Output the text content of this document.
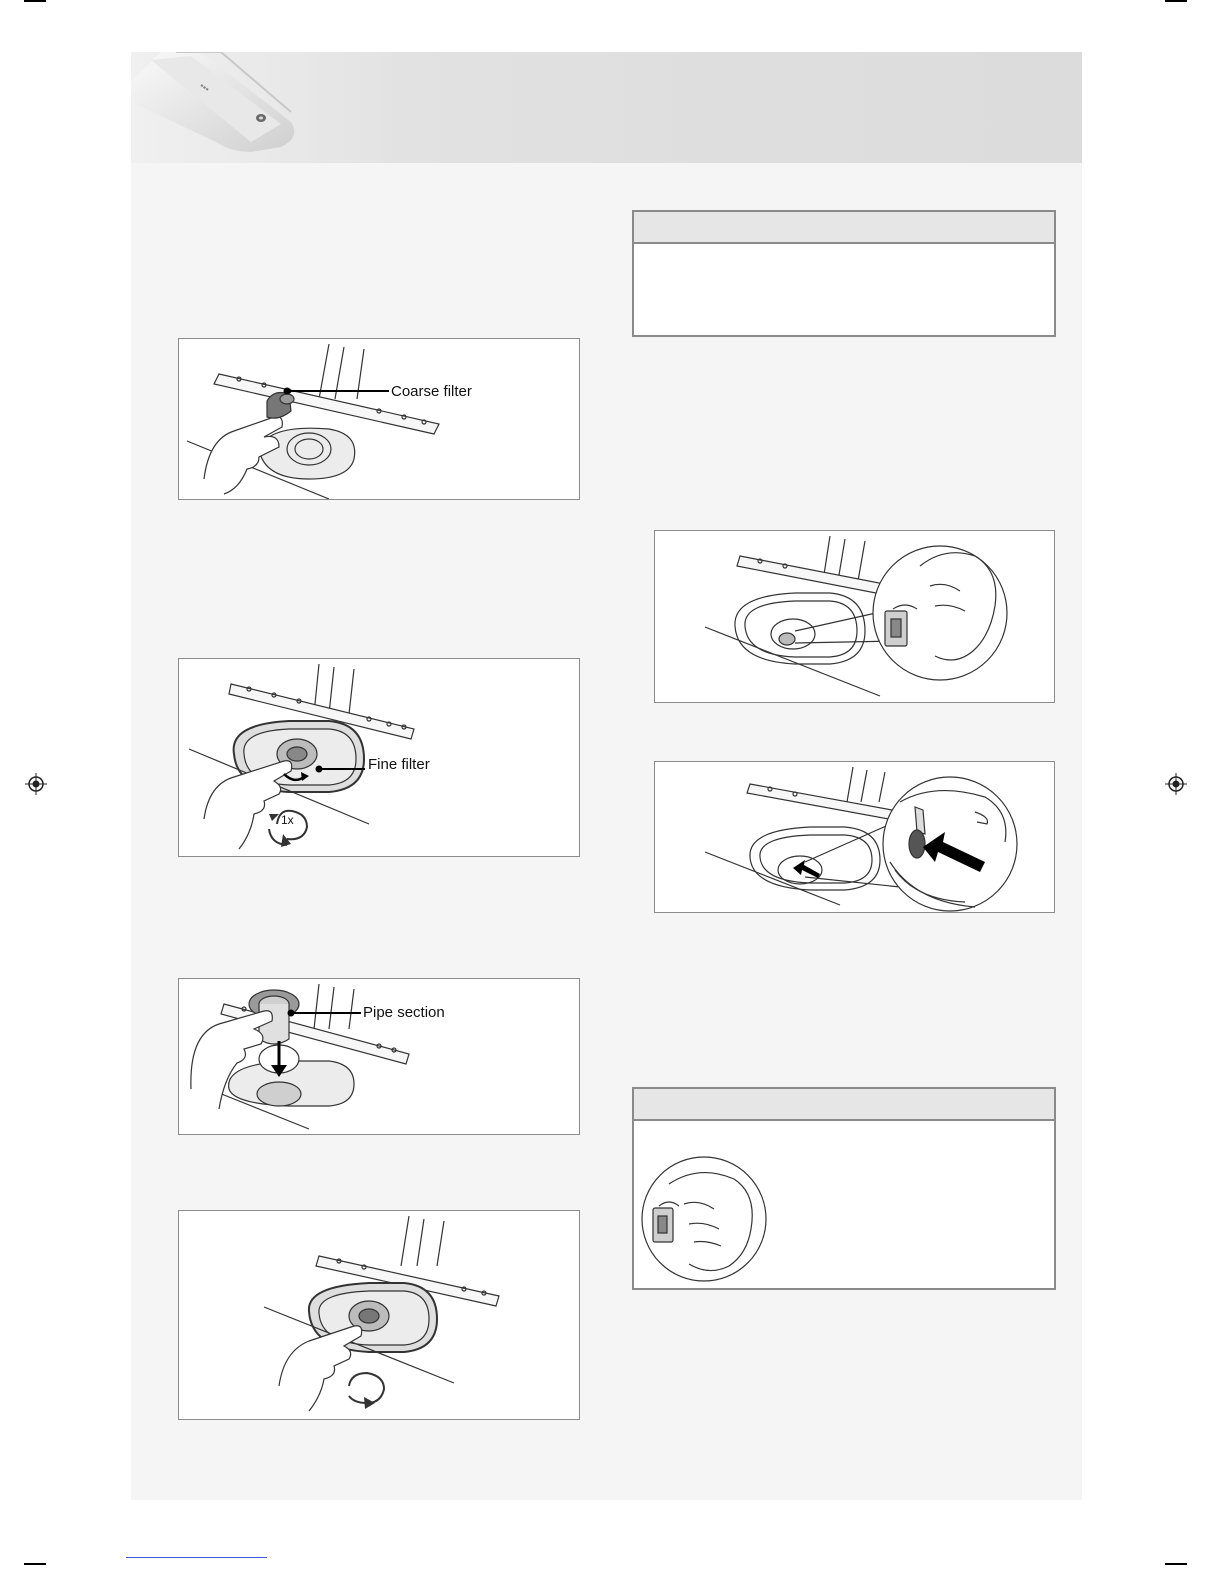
▪▪▪
Coarse filter
Fine filter
1x
Pipe section
